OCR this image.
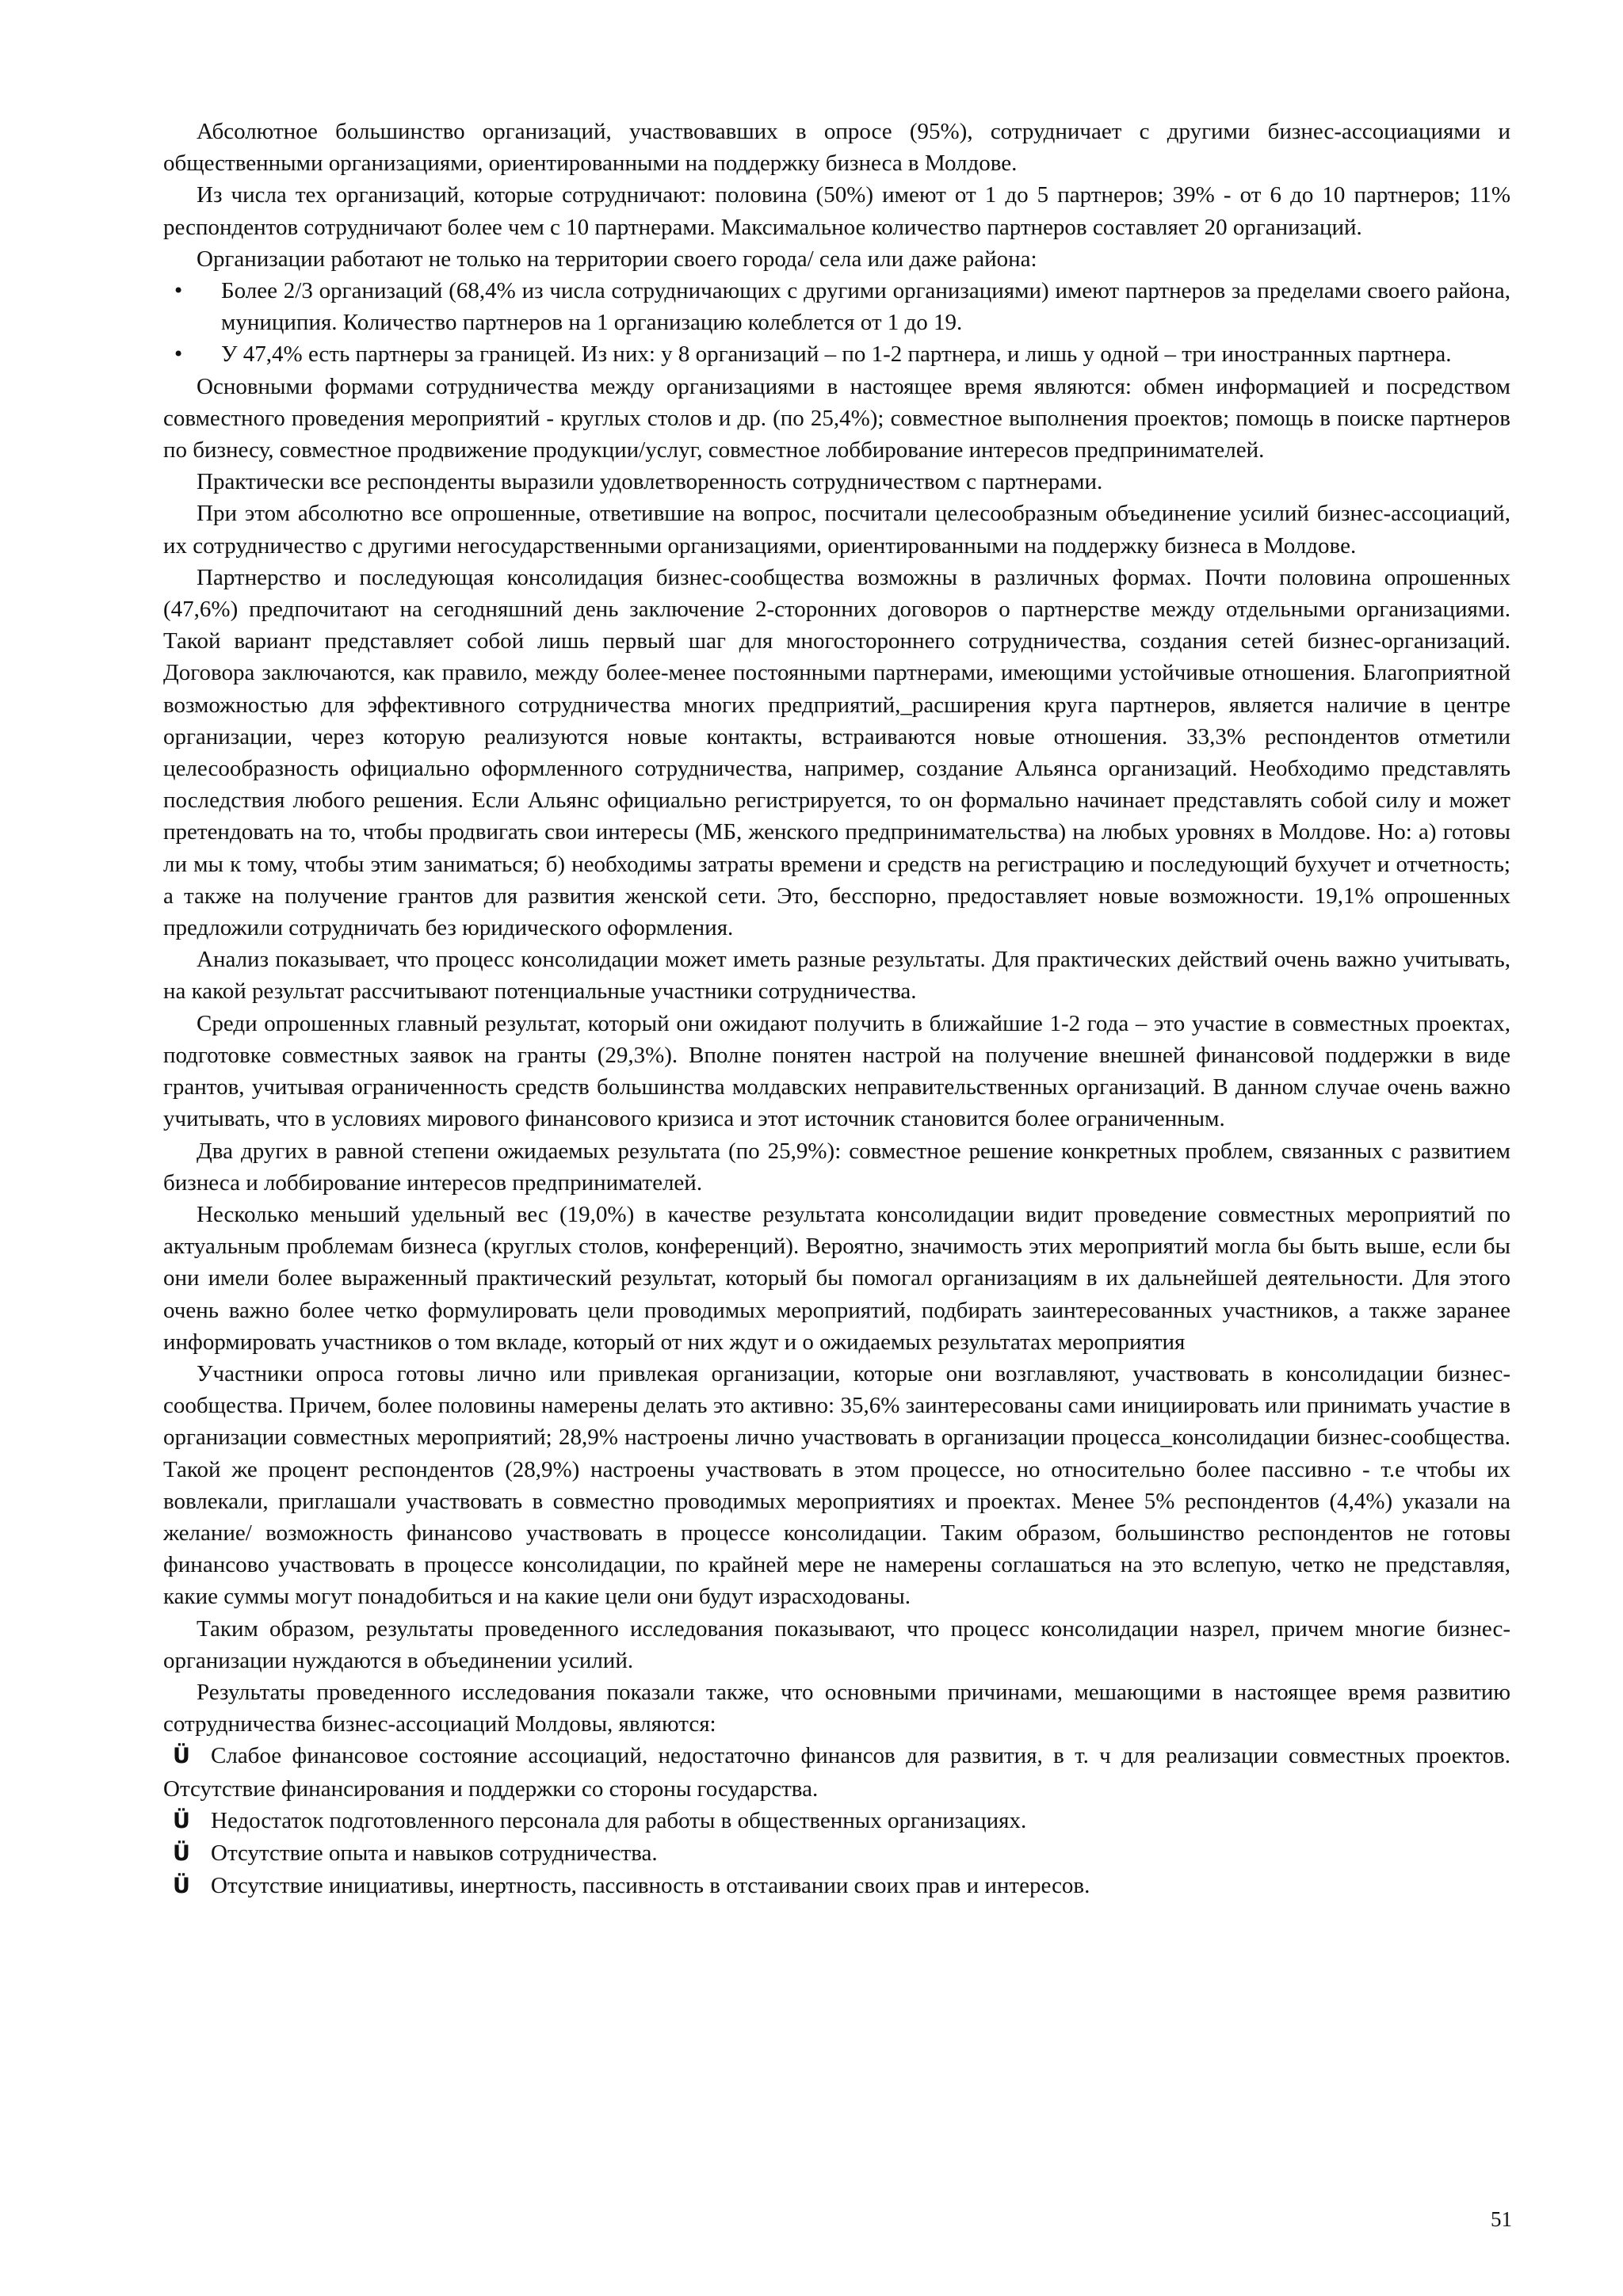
Абсолютное большинство организаций, участвовавших в опросе (95%), сотрудничает с другими бизнес-ассоциациями и общественными организациями, ориентированными на поддержку бизнеса в Молдове.

Из числа тех организаций, которые сотрудничают: половина (50%) имеют от 1 до 5 партнеров; 39% - от 6 до 10 партнеров; 11% респондентов сотрудничают более чем с 10 партнерами. Максимальное количество партнеров составляет 20 организаций.

Организации работают не только на территории своего города/ села или даже района:

• Более 2/3 организаций (68,4% из числа сотрудничающих с другими организациями) имеют партнеров за пределами своего района, муниципия. Количество партнеров на 1 организацию колеблется от 1 до 19.
• У 47,4% есть партнеры за границей. Из них: у 8 организаций – по 1-2 партнера, и лишь у одной – три иностранных партнера.

Основными формами сотрудничества между организациями в настоящее время являются: обмен информацией и посредством совместного проведения мероприятий - круглых столов и др. (по 25,4%); совместное выполнения проектов; помощь в поиске партнеров по бизнесу, совместное продвижение продукции/услуг, совместное лоббирование интересов предпринимателей.

Практически все респонденты выразили удовлетворенность сотрудничеством с партнерами.

При этом абсолютно все опрошенные, ответившие на вопрос, посчитали целесообразным объединение усилий бизнес-ассоциаций, их сотрудничество с другими негосударственными организациями, ориентированными на поддержку бизнеса в Молдове.

Партнерство и последующая консолидация бизнес-сообщества возможны в различных формах. Почти половина опрошенных (47,6%) предпочитают на сегодняшний день заключение 2-сторонних договоров о партнерстве между отдельными организациями. Такой вариант представляет собой лишь первый шаг для многостороннего сотрудничества, создания сетей бизнес-организаций. Договора заключаются, как правило, между более-менее постоянными партнерами, имеющими устойчивые отношения. Благоприятной возможностью для эффективного сотрудничества многих предприятий,_расширения круга партнеров, является наличие в центре организации, через которую реализуются новые контакты, встраиваются новые отношения. 33,3% респондентов отметили целесообразность официально оформленного сотрудничества, например, создание Альянса организаций. Необходимо представлять последствия любого решения. Если Альянс официально регистрируется, то он формально начинает представлять собой силу и может претендовать на то, чтобы продвигать свои интересы (МБ, женского предпринимательства) на любых уровнях в Молдове. Но: а) готовы ли мы к тому, чтобы этим заниматься; б) необходимы затраты времени и средств на регистрацию и последующий бухучет и отчетность; а также на получение грантов для развития женской сети. Это, бесспорно, предоставляет новые возможности. 19,1% опрошенных предложили сотрудничать без юридического оформления.

Анализ показывает, что процесс консолидации может иметь разные результаты. Для практических действий очень важно учитывать, на какой результат рассчитывают потенциальные участники сотрудничества.

Среди опрошенных главный результат, который они ожидают получить в ближайшие 1-2 года – это участие в совместных проектах, подготовке совместных заявок на гранты (29,3%). Вполне понятен настрой на получение внешней финансовой поддержки в виде грантов, учитывая ограниченность средств большинства молдавских неправительственных организаций. В данном случае очень важно учитывать, что в условиях мирового финансового кризиса и этот источник становится более ограниченным.

Два других в равной степени ожидаемых результата (по 25,9%): совместное решение конкретных проблем, связанных с развитием бизнеса и лоббирование интересов предпринимателей.

Несколько меньший удельный вес (19,0%) в качестве результата консолидации видит проведение совместных мероприятий по актуальным проблемам бизнеса (круглых столов, конференций). Вероятно, значимость этих мероприятий могла бы быть выше, если бы они имели более выраженный практический результат, который бы помогал организациям в их дальнейшей деятельности. Для этого очень важно более четко формулировать цели проводимых мероприятий, подбирать заинтересованных участников, а также заранее информировать участников о том вкладе, который от них ждут и о ожидаемых результатах мероприятия

Участники опроса готовы лично или привлекая организации, которые они возглавляют, участвовать в консолидации бизнес-сообщества. Причем, более половины намерены делать это активно: 35,6% заинтересованы сами инициировать или принимать участие в организации совместных мероприятий; 28,9% настроены лично участвовать в организации процесса_консолидации бизнес-сообщества. Такой же процент респондентов (28,9%) настроены участвовать в этом процессе, но относительно более пассивно - т.е чтобы их вовлекали, приглашали участвовать в совместно проводимых мероприятиях и проектах. Менее 5% респондентов (4,4%) указали на желание/ возможность финансово участвовать в процессе консолидации. Таким образом, большинство респондентов не готовы финансово участвовать в процессе консолидации, по крайней мере не намерены соглашаться на это вслепую, четко не представляя, какие суммы могут понадобиться и на какие цели они будут израсходованы.

Таким образом, результаты проведенного исследования показывают, что процесс консолидации назрел, причем многие бизнес-организации нуждаются в объединении усилий.

Результаты проведенного исследования показали также, что основными причинами, мешающими в настоящее время развитию сотрудничества бизнес-ассоциаций Молдовы, являются:

Ü Слабое финансовое состояние ассоциаций, недостаточно финансов для развития, в т. ч для реализации совместных проектов. Отсутствие финансирования и поддержки со стороны государства.
Ü Недостаток подготовленного персонала для работы в общественных организациях.
Ü Отсутствие опыта и навыков сотрудничества.
Ü Отсутствие инициативы, инертность, пассивность в отстаивании своих прав и интересов.
51
